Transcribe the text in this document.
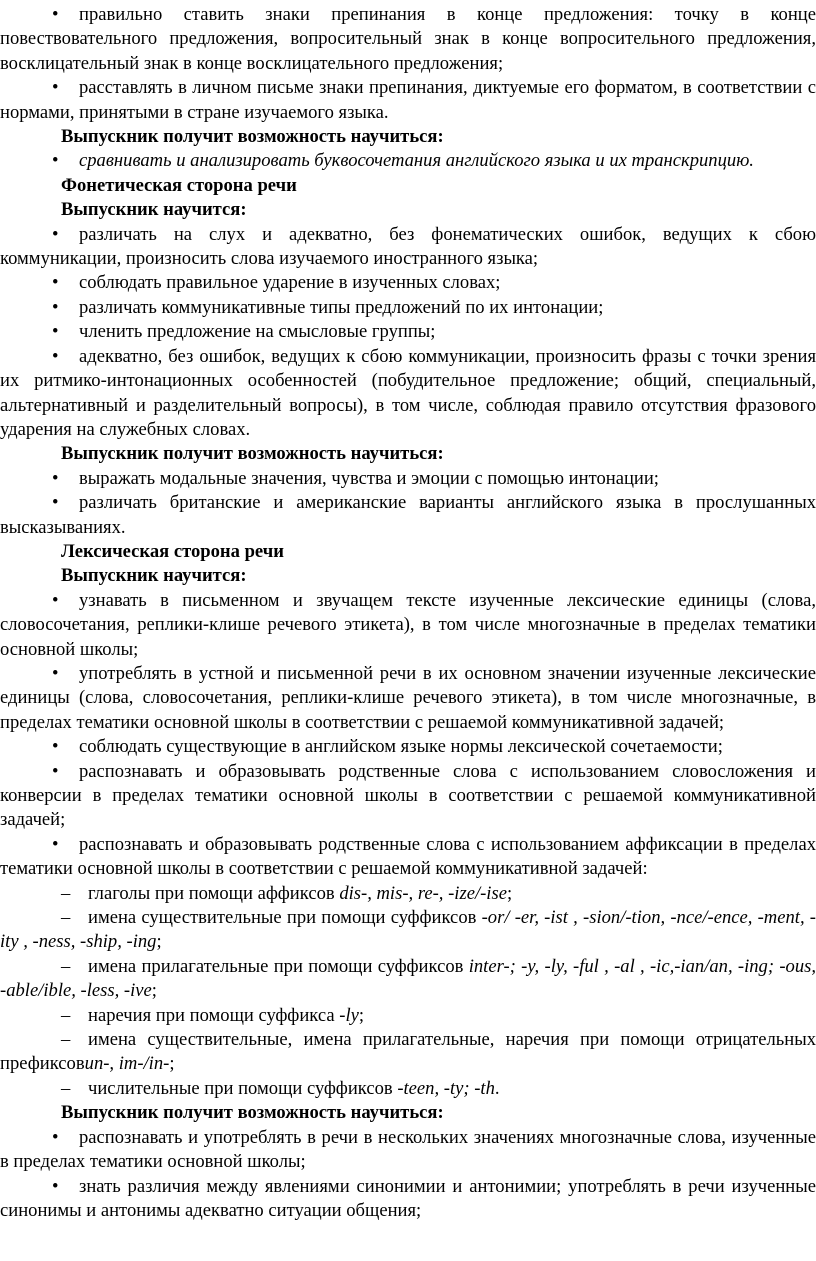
• правильно ставить знаки препинания в конце предложения: точку в конце повествовательного предложения, вопросительный знак в конце вопросительного предложения, восклицательный знак в конце восклицательного предложения;

• расставлять в личном письме знаки препинания, диктуемые его форматом, в соответствии с нормами, принятыми в стране изучаемого языка.

Выпускник получит возможность научиться:

• сравнивать и анализировать буквосочетания английского языка и их транскрипцию.

Фонетическая сторона речи

Выпускник научится:

• различать на слух и адекватно, без фонематических ошибок, ведущих к сбою коммуникации, произносить слова изучаемого иностранного языка;

• соблюдать правильное ударение в изученных словах;

• различать коммуникативные типы предложений по их интонации;

• членить предложение на смысловые группы;

• адекватно, без ошибок, ведущих к сбою коммуникации, произносить фразы с точки зрения их ритмико-интонационных особенностей (побудительное предложение; общий, специальный, альтернативный и разделительный вопросы), в том числе, соблюдая правило отсутствия фразового ударения на служебных словах.

Выпускник получит возможность научиться:

• выражать модальные значения, чувства и эмоции с помощью интонации;

• различать британские и американские варианты английского языка в прослушанных высказываниях.

Лексическая сторона речи

Выпускник научится:

• узнавать в письменном и звучащем тексте изученные лексические единицы (слова, словосочетания, реплики-клише речевого этикета), в том числе многозначные в пределах тематики основной школы;

• употреблять в устной и письменной речи в их основном значении изученные лексические единицы (слова, словосочетания, реплики-клише речевого этикета), в том числе многозначные, в пределах тематики основной школы в соответствии с решаемой коммуникативной задачей;

• соблюдать существующие в английском языке нормы лексической сочетаемости;

• распознавать и образовывать родственные слова с использованием словосложения и конверсии в пределах тематики основной школы в соответствии с решаемой коммуникативной задачей;

• распознавать и образовывать родственные слова с использованием аффиксации в пределах тематики основной школы в соответствии с решаемой коммуникативной задачей:

– глаголы при помощи аффиксов dis-, mis-, re-, -ize/-ise;

– имена существительные при помощи суффиксов -or/ -er, -ist , -sion/-tion, -nce/-ence, -ment, -ity , -ness, -ship, -ing;

– имена прилагательные при помощи суффиксов inter-; -y, -ly, -ful , -al , -ic,-ian/an, -ing; -ous, -able/ible, -less, -ive;

– наречия при помощи суффикса -ly;

– имена существительные, имена прилагательные, наречия при помощи отрицательных префиксовun-, im-/in-;

– числительные при помощи суффиксов -teen, -ty; -th.

Выпускник получит возможность научиться:

• распознавать и употреблять в речи в нескольких значениях многозначные слова, изученные в пределах тематики основной школы;

• знать различия между явлениями синонимии и антонимии; употреблять в речи изученные синонимы и антонимы адекватно ситуации общения;
